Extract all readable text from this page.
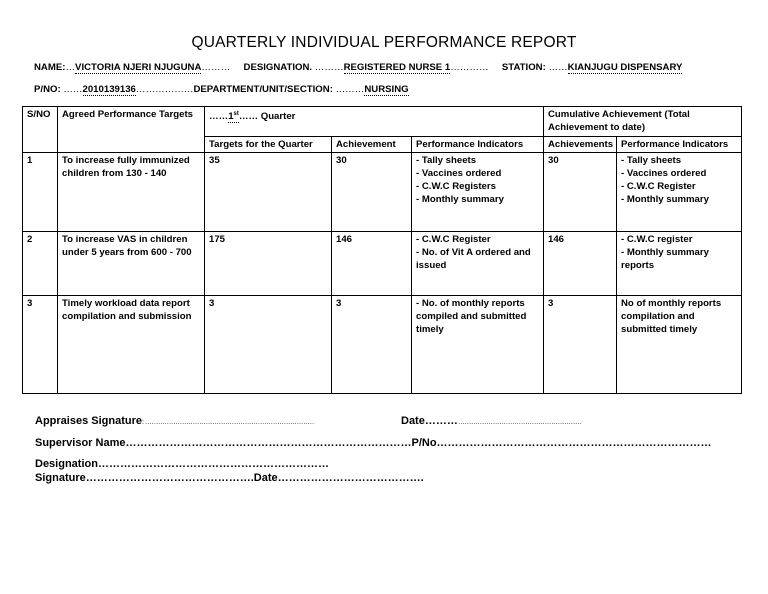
QUARTERLY INDIVIDUAL PERFORMANCE REPORT
NAME:…VICTORIA NJERI NJUGUNA……… DESIGNATION. ………REGISTERED NURSE 1………… STATION: ……KIANJUGU DISPENSARY
P/NO: ……2010139136………………DEPARTMENT/UNIT/SECTION: ………NURSING
S/NO	Agreed Performance Targets	……1st…… Quarter			Cumulative Achievement (Total Achievement to date)	
		Targets for the Quarter	Achievement	Performance Indicators	Achievements	Performance Indicators
1	To increase fully immunized children from 130 - 140	35	30	- Tally sheets
- Vaccines ordered
- C.W.C Registers
- Monthly summary	30	- Tally sheets
- Vaccines ordered
- C.W.C Register
- Monthly summary

2	To increase VAS in children under 5 years from 600 - 700	175	146	- C.W.C Register
- No. of Vit A ordered and issued	146	- C.W.C register
- Monthly summary reports

3	Timely workload data report compilation and submission	3	3	- No. of monthly reports compiled and submitted timely	3	No of monthly reports compilation and submitted timely
Appraises Signature: ……………………………………………………………………	Date…………………………………………………………
Supervisor Name……………………………………………………………………P/No…………………………………………………………………
Designation………………………………………………………
Signature……………………………………….Date………………………………….
